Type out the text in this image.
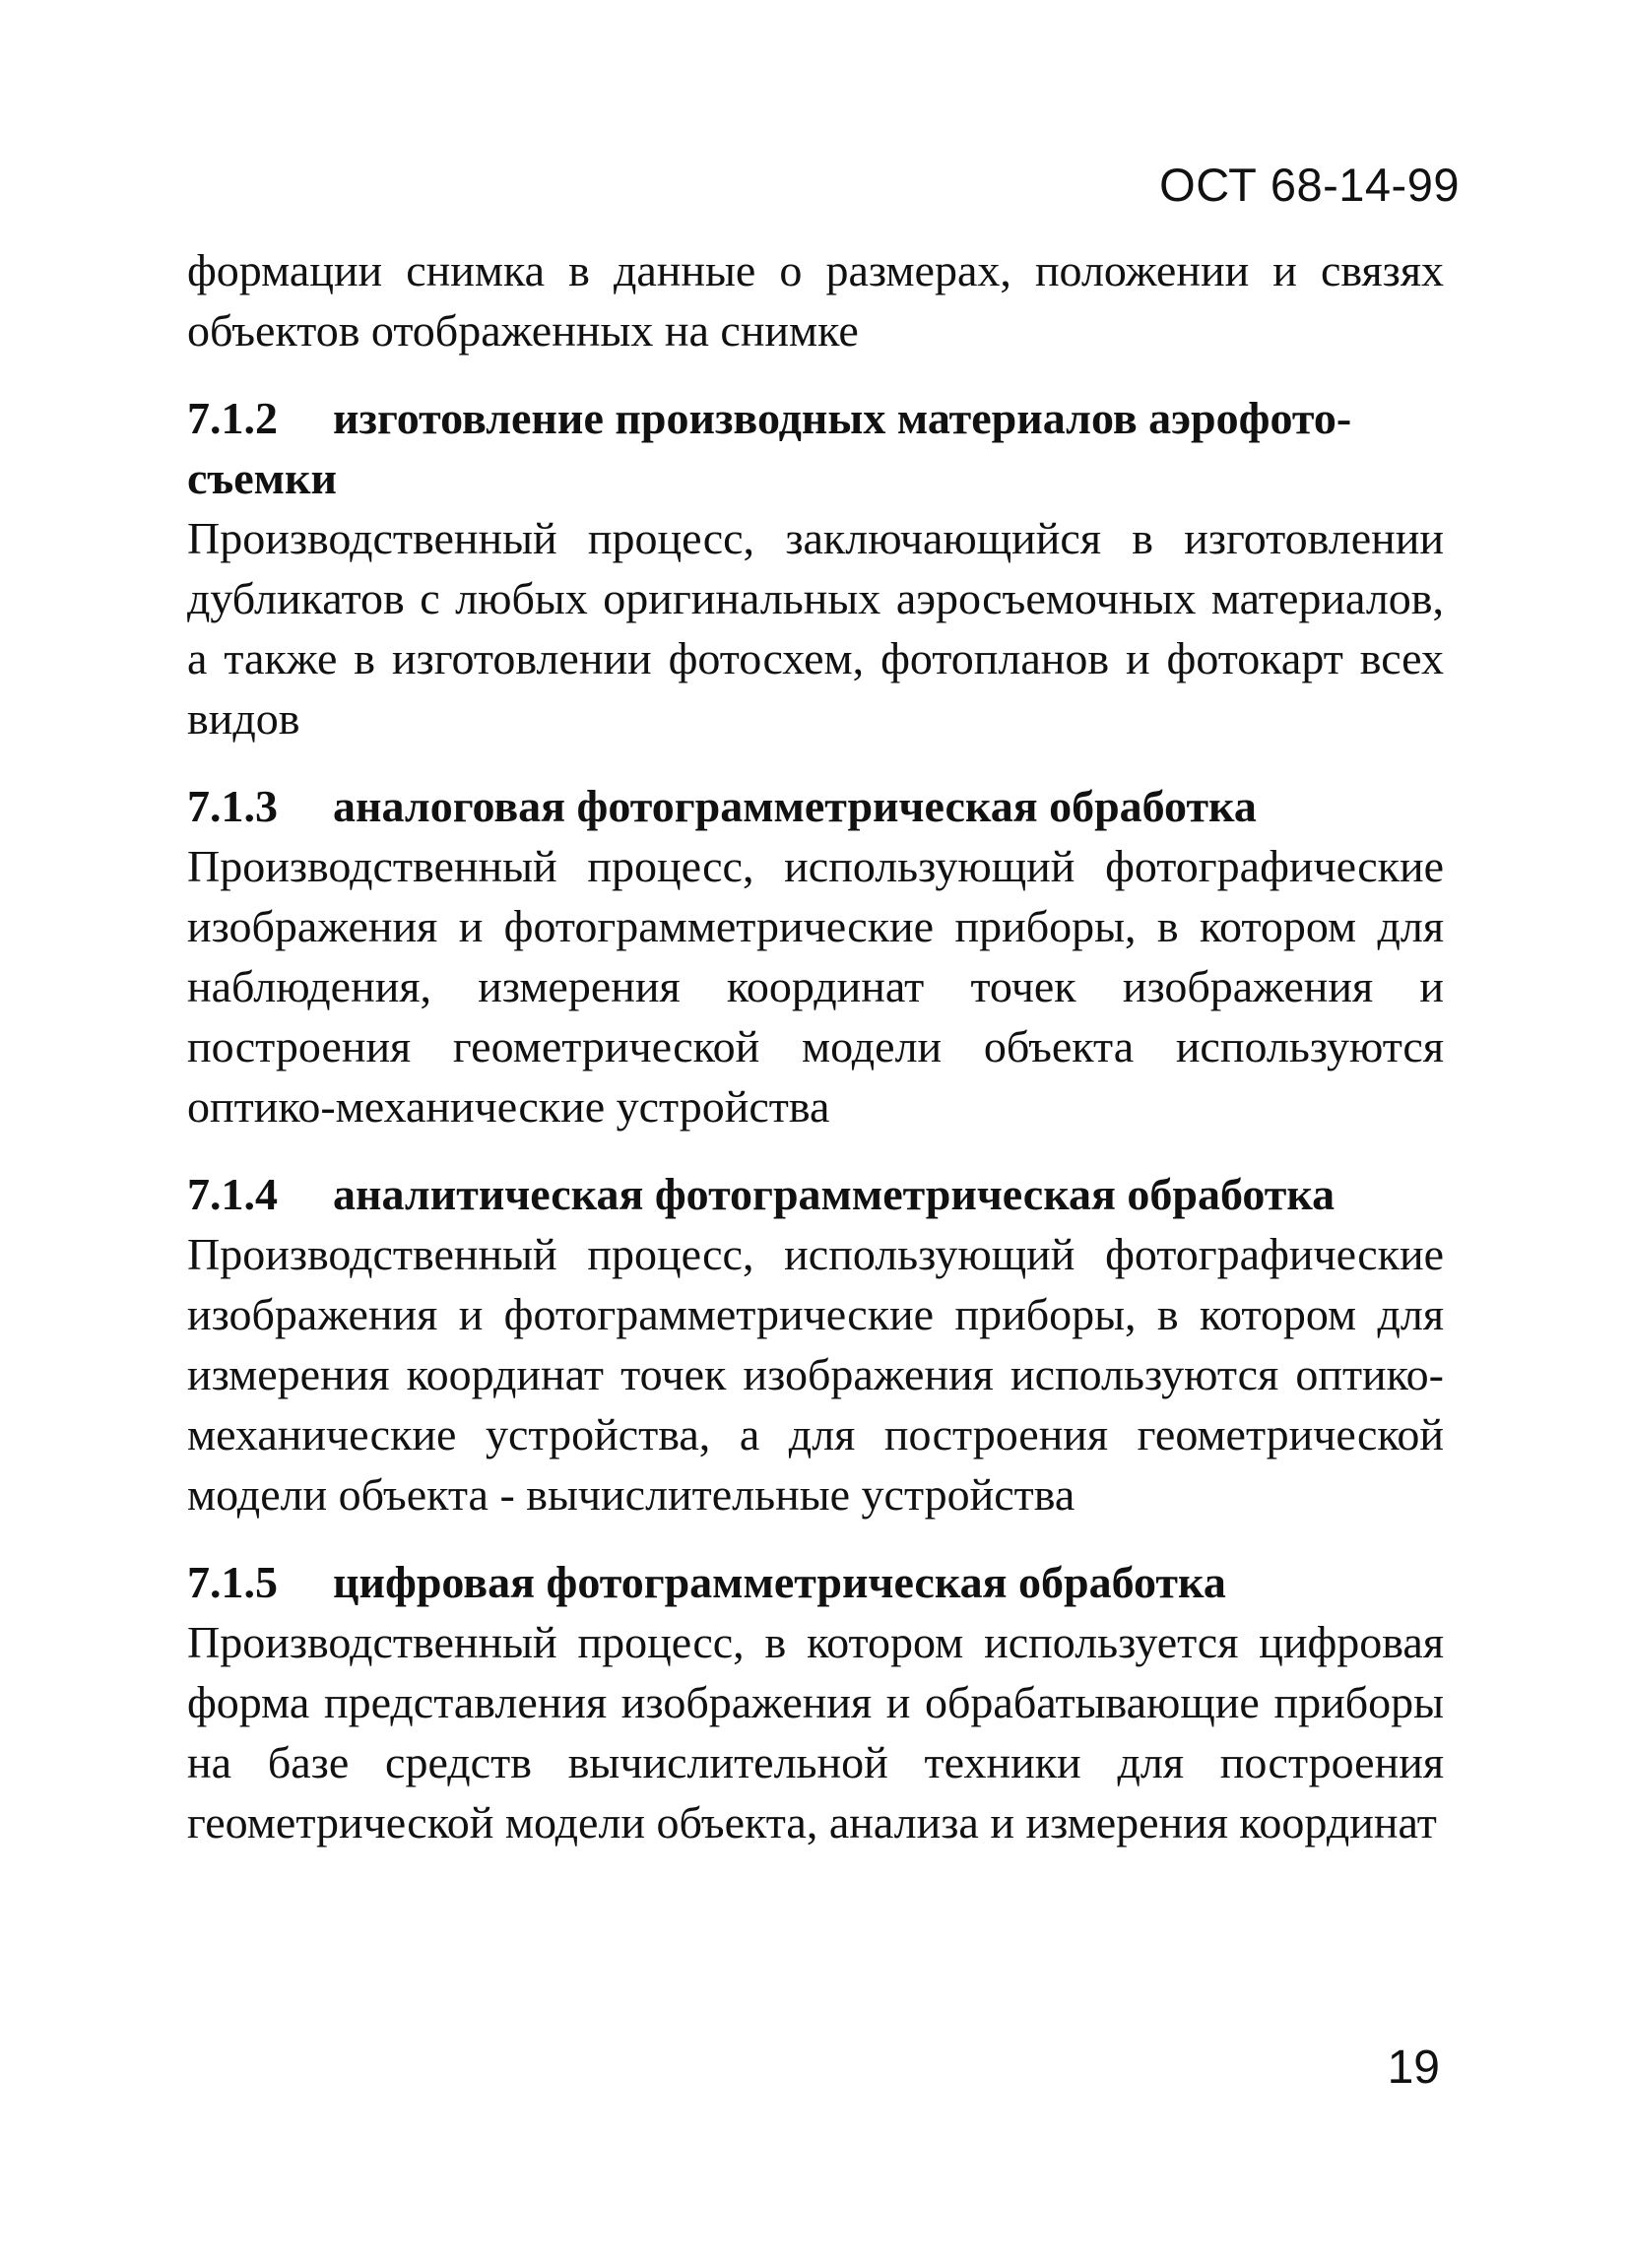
ОСТ 68-14-99

формации снимка в данные о размерах, положении и связях объектов отображенных на снимке

7.1.2 изготовление производных материалов аэрофото-съемки

Производственный процесс, заключающийся в изготовлении дубликатов с любых оригинальных аэросъемочных материалов, а также в изготовлении фотосхем, фотопланов и фотокарт всех видов

7.1.3 аналоговая фотограмметрическая обработка

Производственный процесс, использующий фотографические изображения и фотограмметрические приборы, в котором для наблюдения, измерения координат точек изображения и построения геометрической модели объекта используются оптико-механические устройства

7.1.4 аналитическая фотограмметрическая обработка

Производственный процесс, использующий фотографические изображения и фотограмметрические приборы, в котором для измерения координат точек изображения используются оптико-механические устройства, а для построения геометрической модели объекта - вычислительные устройства

7.1.5 цифровая фотограмметрическая обработка

Производственный процесс, в котором используется цифровая форма представления изображения и обрабатывающие приборы на базе средств вычислительной техники для построения геометрической модели объекта, анализа и измерения координат

19
